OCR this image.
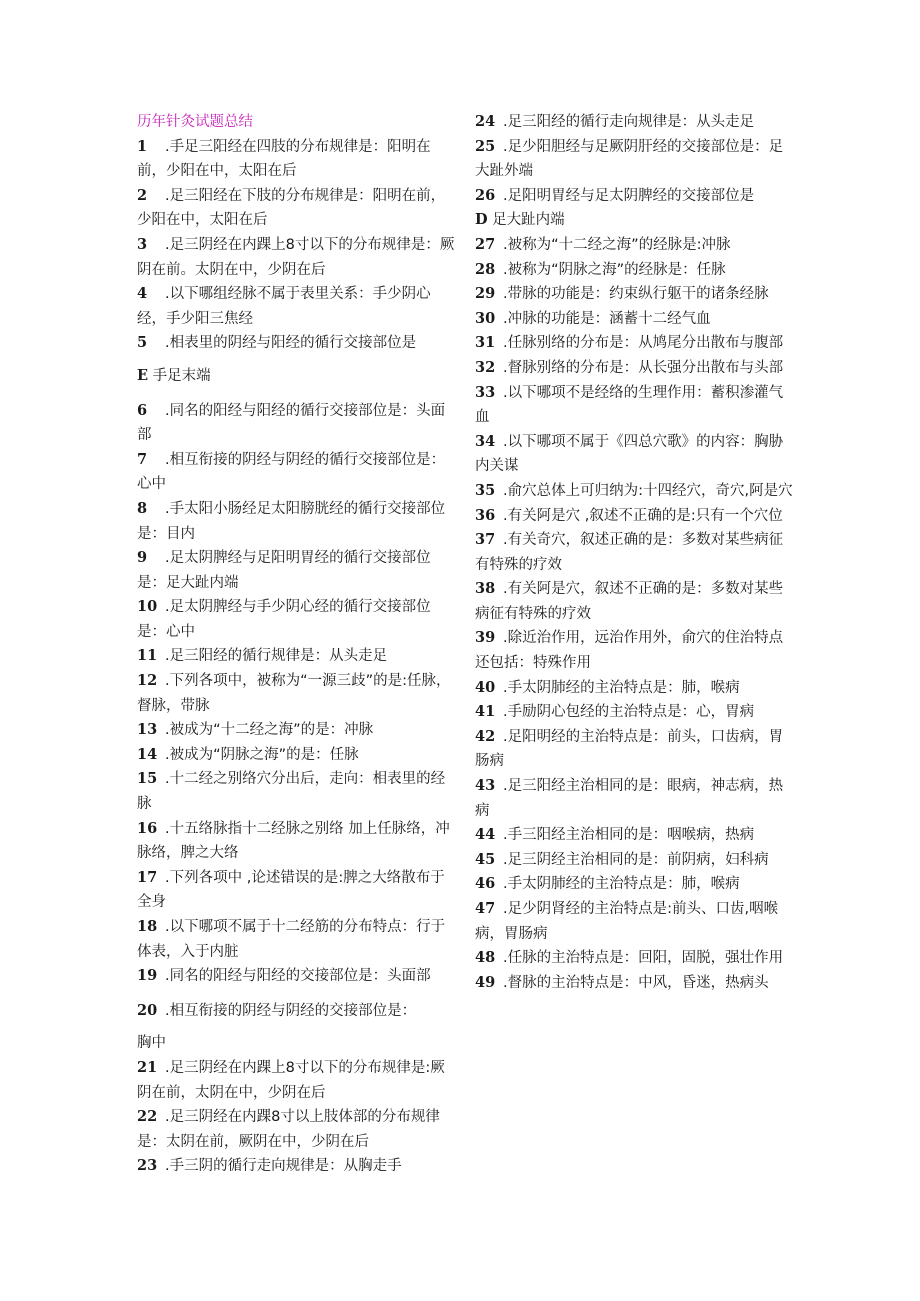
历年针灸试题总结

1 .手足三阳经在四肢的分布规律是：阳明在前，少阳在中，太阳在后

2 .足三阳经在下肢的分布规律是：阳明在前，少阳在中，太阳在后

3 .足三阴经在内踝上8寸以下的分布规律是：厥阴在前。太阴在中，少阴在后

4 .以下哪组经脉不属于表里关系：手少阴心经，手少阳三焦经

5 .相表里的阴经与阳经的循行交接部位是

E 手足末端

6 .同名的阳经与阳经的循行交接部位是：头面部

7 .相互衔接的阴经与阴经的循行交接部位是：心中

8 .手太阳小肠经足太阳膀胱经的循行交接部位是：目内

9 .足太阴脾经与足阳明胃经的循行交接部位是：足大趾内端

10 .足太阴脾经与手少阴心经的循行交接部位是：心中

11 .足三阳经的循行规律是：从头走足

12 .下列各项中，被称为“一源三歧”的是:任脉，督脉，带脉

13 .被成为“十二经之海”的是：冲脉

14 .被成为“阴脉之海”的是：任脉

15 .十二经之别络穴分出后，走向：相表里的经脉

16 .十五络脉指十二经脉之别络 加上任脉络，冲脉络，脾之大络

17 .下列各项中 ,论述错误的是:脾之大络散布于全身

18 .以下哪项不属于十二经筋的分布特点：行于体表，入于内脏

19 .同名的阳经与阳经的交接部位是：头面部

20 .相互衔接的阴经与阴经的交接部位是：

胸中

21 .足三阴经在内踝上8寸以下的分布规律是:厥阴在前，太阴在中，少阴在后

22 .足三阴经在内踝8寸以上肢体部的分布规律是：太阴在前，厥阴在中，少阴在后

23 .手三阴的循行走向规律是：从胸走手

24 .足三阳经的循行走向规律是：从头走足

25 .足少阳胆经与足厥阴肝经的交接部位是：足大趾外端

26 .足阳明胃经与足太阴脾经的交接部位是

D 足大趾内端

27 .被称为“十二经之海”的经脉是:冲脉

28 .被称为“阴脉之海”的经脉是：任脉

29 .带脉的功能是：约束纵行躯干的诸条经脉

30 .冲脉的功能是：涵蓄十二经气血

31 .任脉别络的分布是：从鸠尾分出散布与腹部

32 .督脉别络的分布是：从长强分出散布与头部

33 .以下哪项不是经络的生理作用：蓄积渗灌气血

34 .以下哪项不属于《四总穴歌》的内容：胸胁内关谋

35 .俞穴总体上可归纳为:十四经穴，奇穴,阿是穴

36 .有关阿是穴 ,叙述不正确的是:只有一个穴位

37 .有关奇穴，叙述正确的是：多数对某些病征有特殊的疗效

38 .有关阿是穴，叙述不正确的是：多数对某些病征有特殊的疗效

39 .除近治作用，远治作用外，俞穴的住治特点还包括：特殊作用

40 .手太阴肺经的主治特点是：肺，喉病

41 .手励阴心包经的主治特点是：心，胃病

42 .足阳明经的主治特点是：前头，口齿病，胃肠病

43 .足三阳经主治相同的是：眼病，神志病，热病

44 .手三阳经主治相同的是：咽喉病，热病

45 .足三阴经主治相同的是：前阴病，妇科病

46 .手太阴肺经的主治特点是：肺，喉病

47 .足少阴肾经的主治特点是:前头、口齿,咽喉病，胃肠病

48 .任脉的主治特点是：回阳，固脱，强壮作用

49 .督脉的主治特点是：中风，昏迷，热病头
